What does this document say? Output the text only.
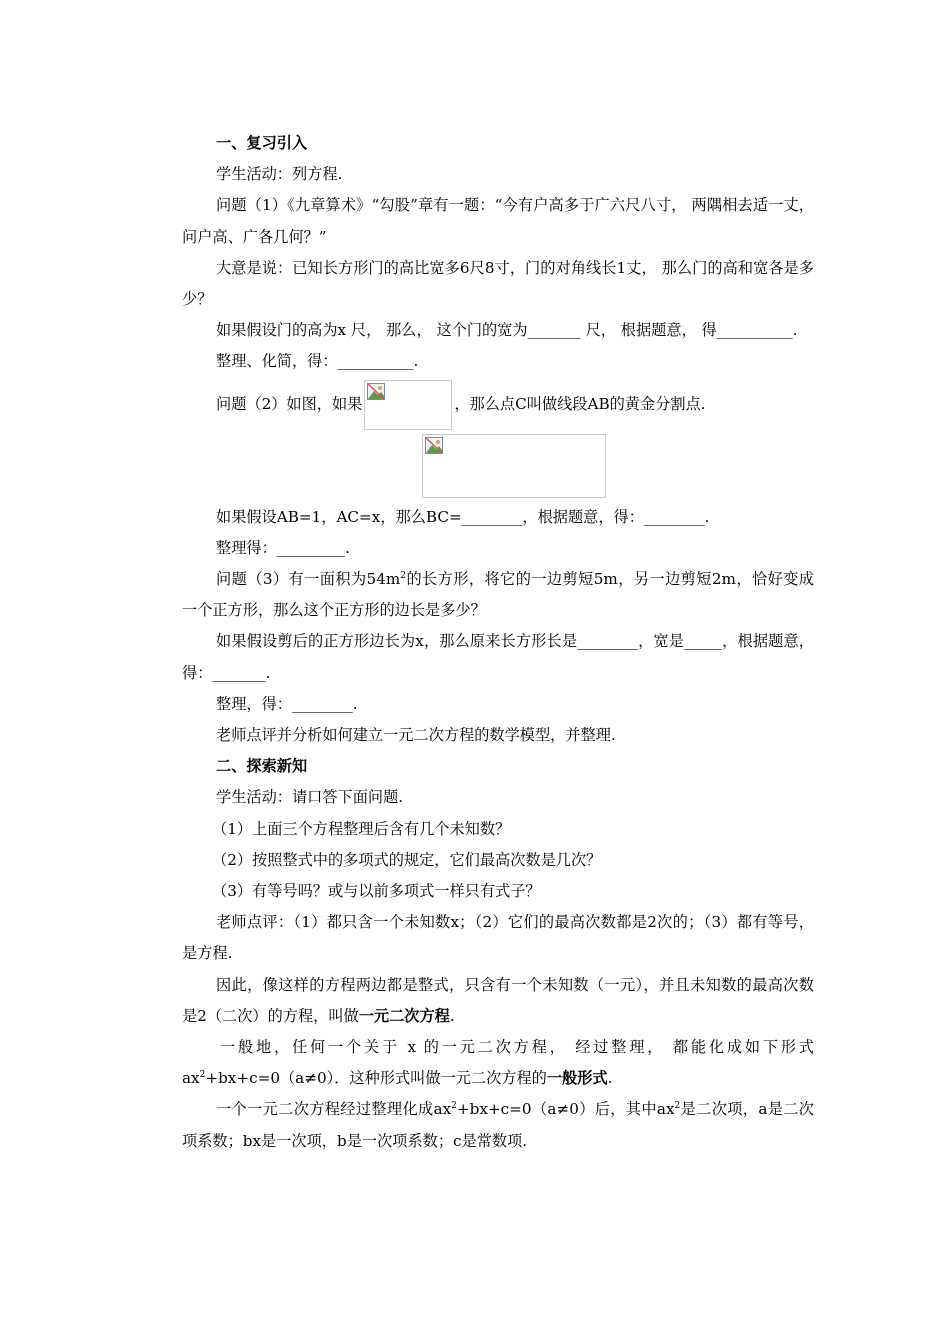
一、复习引入

学生活动：列方程.

问题（1）《九章算术》“勾股”章有一题：“今有户高多于广六尺八寸， 两隅相去适一丈，问户高、广各几何？”

大意是说：已知长方形门的高比宽多6尺8寸，门的对角线长1丈， 那么门的高和宽各是多少？

如果假设门的高为x 尺， 那么， 这个门的宽为_______ 尺， 根据题意， 得__________.

整理、化简，得：__________.

问题（2）如图，如果	，那么点C叫做线段AB的黄金分割点.

如果假设AB=1，AC=x，那么BC=________，根据题意，得：________.

整理得：_________.

问题（3）有一面积为$54m^2$的长方形，将它的一边剪短5m，另一边剪短2m，恰好变成一个正方形，那么这个正方形的边长是多少？

如果假设剪后的正方形边长为x，那么原来长方形长是________，宽是_____，根据题意，得：_______.

整理，得：________.

老师点评并分析如何建立一元二次方程的数学模型，并整理.

二、探索新知

学生活动：请口答下面问题.

（1）上面三个方程整理后含有几个未知数？

（2）按照整式中的多项式的规定，它们最高次数是几次？

（3）有等号吗？或与以前多项式一样只有式子？

老师点评：（1）都只含一个未知数x；（2）它们的最高次数都是2次的；（3）都有等号，是方程.

因此，像这样的方程两边都是整式，只含有一个未知数（一元），并且未知数的最高次数是2（二次）的方程，叫做一元二次方程.

一般地，任何一个关于 x 的一元二次方程， 经过整理， 都能化成如下形式 $ax^2+bx+c=0(a\ne 0)$．这种形式叫做一元二次方程的一般形式.

一个一元二次方程经过整理化成$ax^2+bx+c=0(a\ne 0)$后，其中$ax^2$是二次项，a是二次项系数；bx是一次项，b是一次项系数；c是常数项.
